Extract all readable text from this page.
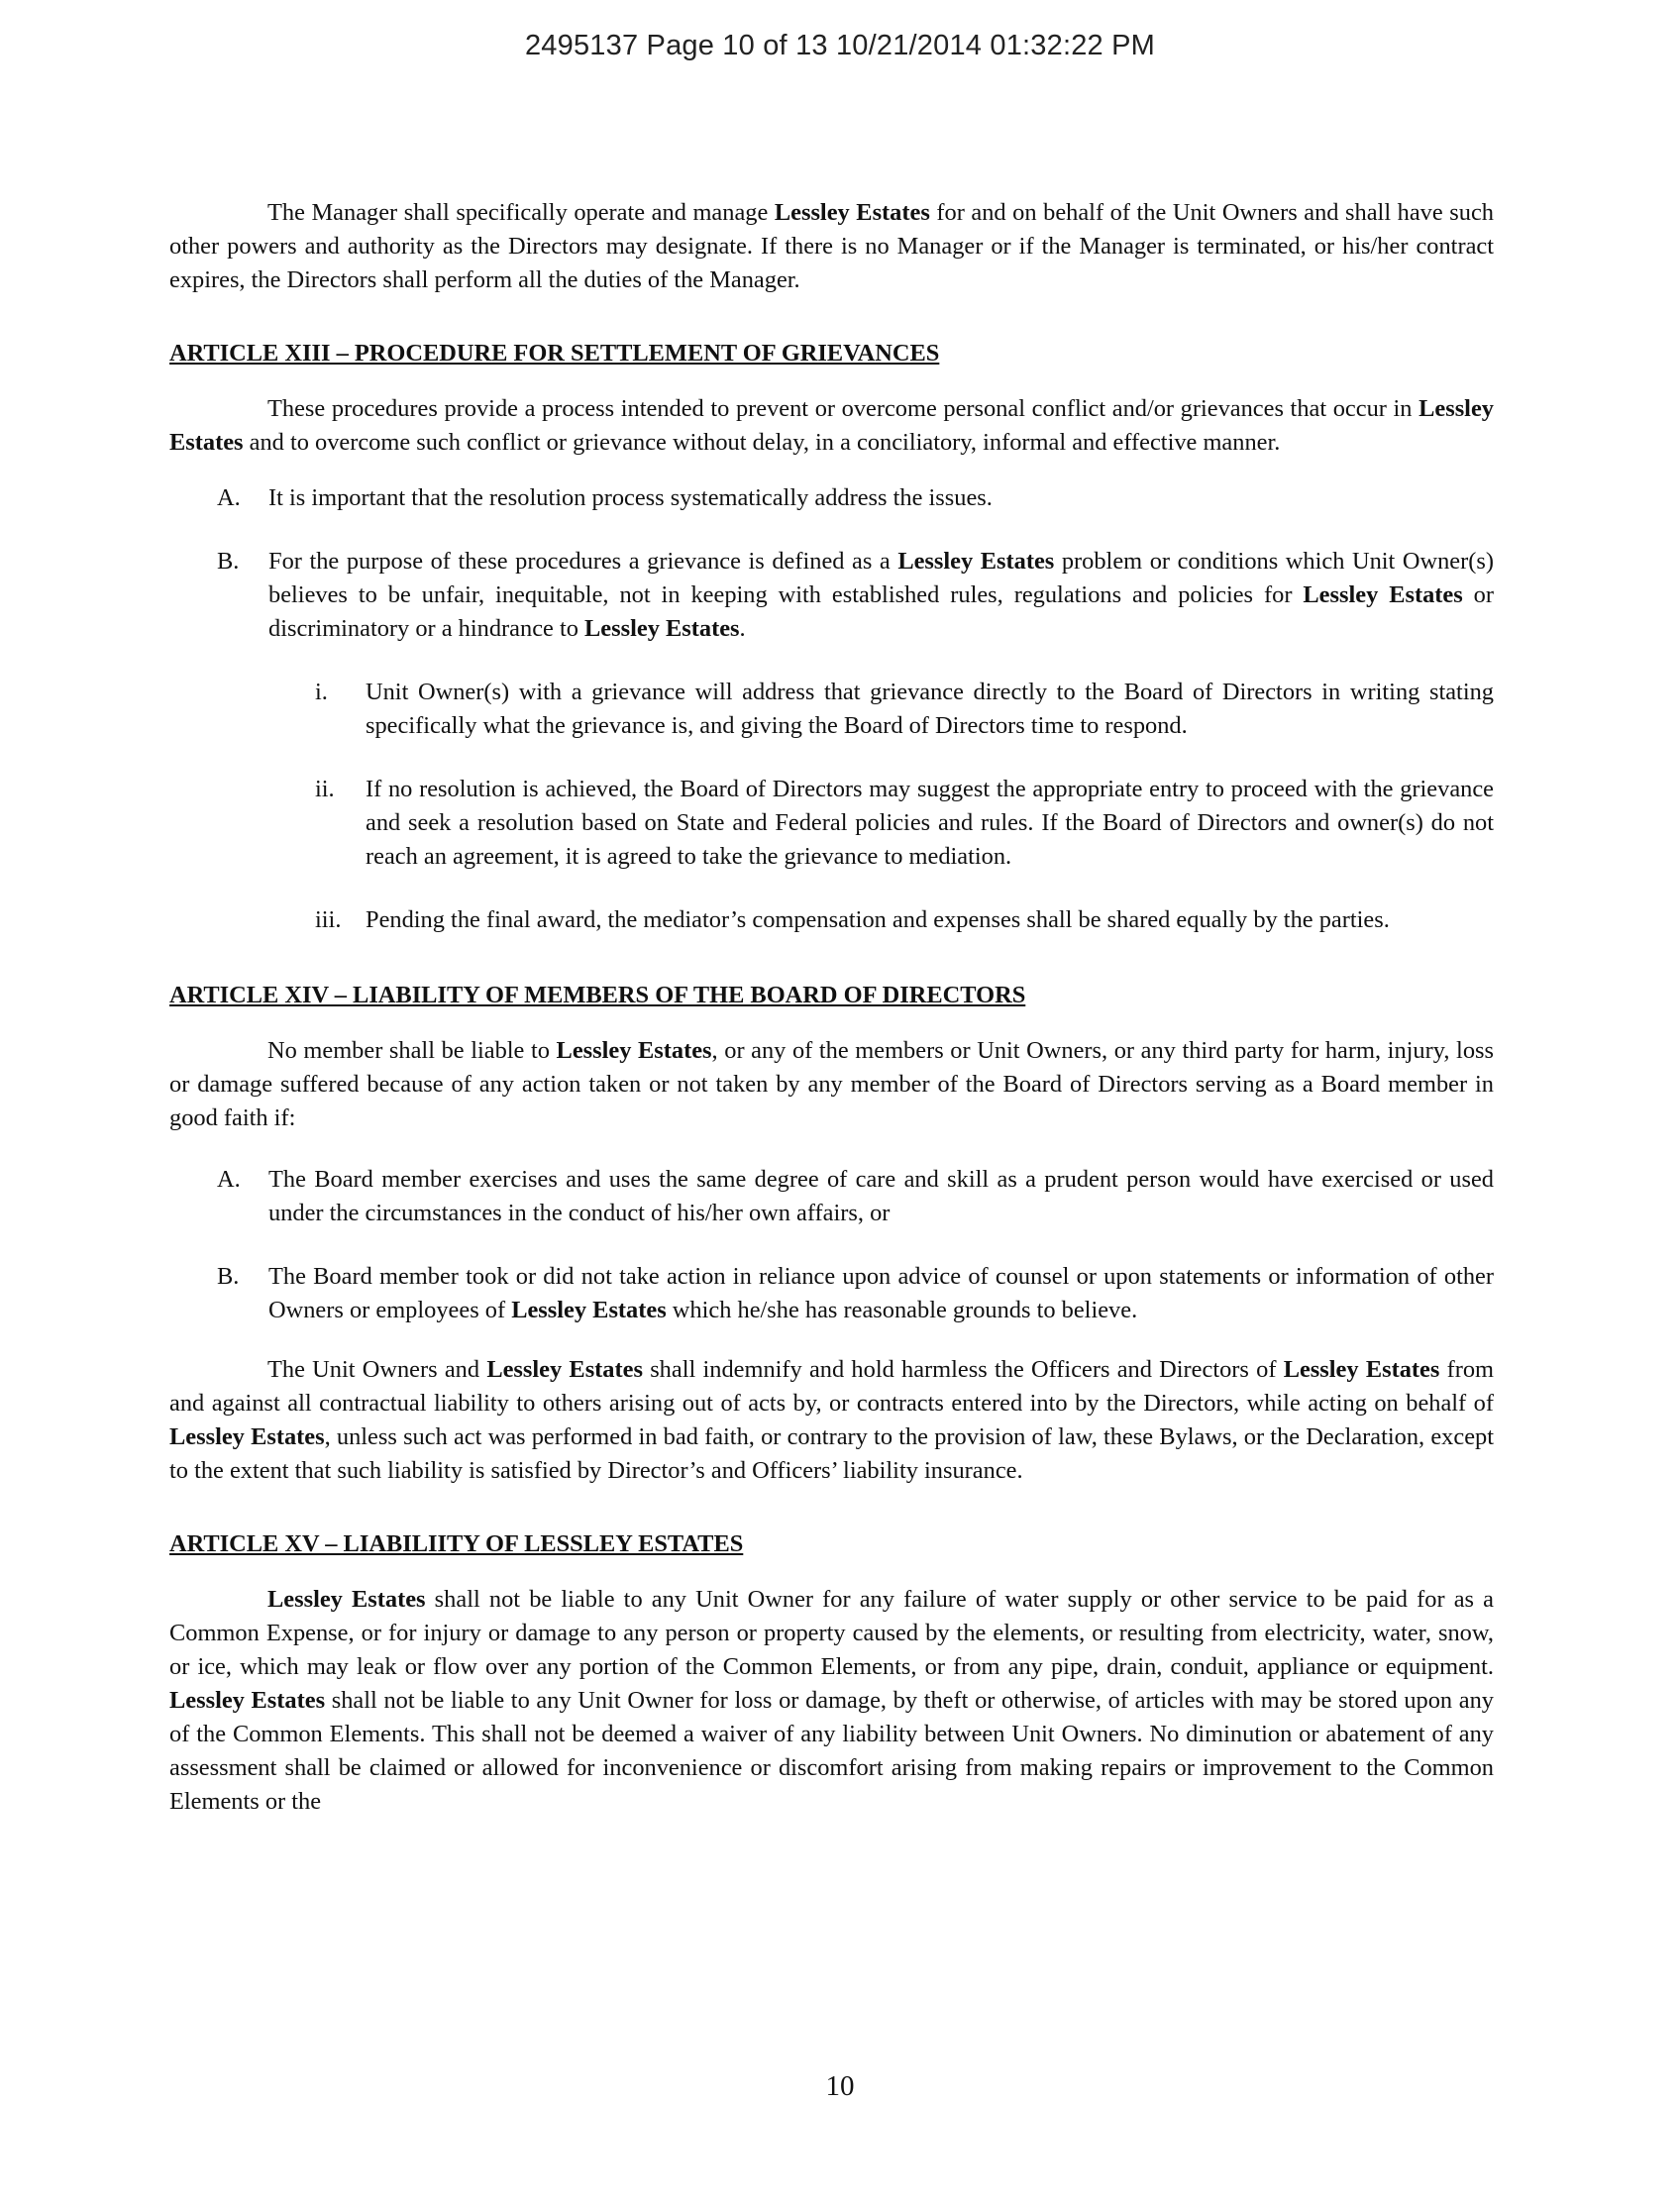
2495137 Page 10 of 13 10/21/2014 01:32:22 PM

The Manager shall specifically operate and manage Lessley Estates for and on behalf of the Unit Owners and shall have such other powers and authority as the Directors may designate. If there is no Manager or if the Manager is terminated, or his/her contract expires, the Directors shall perform all the duties of the Manager.

ARTICLE XIII – PROCEDURE FOR SETTLEMENT OF GRIEVANCES

These procedures provide a process intended to prevent or overcome personal conflict and/or grievances that occur in Lessley Estates and to overcome such conflict or grievance without delay, in a conciliatory, informal and effective manner.

A. It is important that the resolution process systematically address the issues.
B. For the purpose of these procedures a grievance is defined as a Lessley Estates problem or conditions which Unit Owner(s) believes to be unfair, inequitable, not in keeping with established rules, regulations and policies for Lessley Estates or discriminatory or a hindrance to Lessley Estates.
i. Unit Owner(s) with a grievance will address that grievance directly to the Board of Directors in writing stating specifically what the grievance is, and giving the Board of Directors time to respond.
ii. If no resolution is achieved, the Board of Directors may suggest the appropriate entry to proceed with the grievance and seek a resolution based on State and Federal policies and rules. If the Board of Directors and owner(s) do not reach an agreement, it is agreed to take the grievance to mediation.
iii. Pending the final award, the mediator’s compensation and expenses shall be shared equally by the parties.

ARTICLE XIV – LIABILITY OF MEMBERS OF THE BOARD OF DIRECTORS

No member shall be liable to Lessley Estates, or any of the members or Unit Owners, or any third party for harm, injury, loss or damage suffered because of any action taken or not taken by any member of the Board of Directors serving as a Board member in good faith if:

A. The Board member exercises and uses the same degree of care and skill as a prudent person would have exercised or used under the circumstances in the conduct of his/her own affairs, or
B. The Board member took or did not take action in reliance upon advice of counsel or upon statements or information of other Owners or employees of Lessley Estates which he/she has reasonable grounds to believe.

The Unit Owners and Lessley Estates shall indemnify and hold harmless the Officers and Directors of Lessley Estates from and against all contractual liability to others arising out of acts by, or contracts entered into by the Directors, while acting on behalf of Lessley Estates, unless such act was performed in bad faith, or contrary to the provision of law, these Bylaws, or the Declaration, except to the extent that such liability is satisfied by Director’s and Officers’ liability insurance.

ARTICLE XV – LIABILIITY OF LESSLEY ESTATES

Lessley Estates shall not be liable to any Unit Owner for any failure of water supply or other service to be paid for as a Common Expense, or for injury or damage to any person or property caused by the elements, or resulting from electricity, water, snow, or ice, which may leak or flow over any portion of the Common Elements, or from any pipe, drain, conduit, appliance or equipment. Lessley Estates shall not be liable to any Unit Owner for loss or damage, by theft or otherwise, of articles with may be stored upon any of the Common Elements. This shall not be deemed a waiver of any liability between Unit Owners. No diminution or abatement of any assessment shall be claimed or allowed for inconvenience or discomfort arising from making repairs or improvement to the Common Elements or the

10
